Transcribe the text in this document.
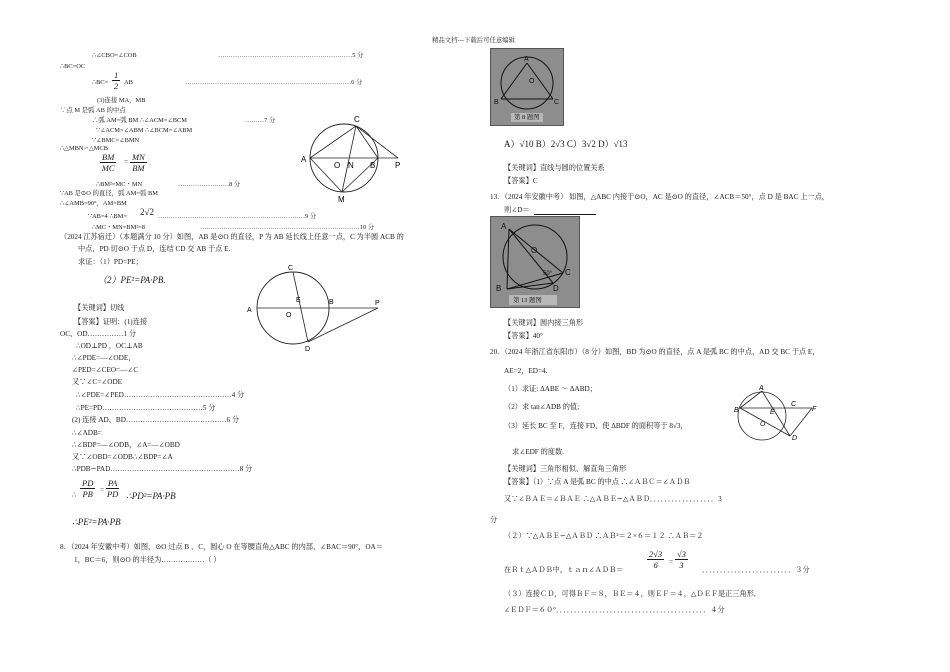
精品文档---下载后可任意编辑
∴∠CBO=∠COB	………………………………………………………5 分
∴BC=OC
∴BC= $\frac{1}{2}$ AB	……………………………………………………………………6 分
(3)连接 MA，MB
∵点 M 是弧 AB 的中点
∴弧 AM=弧 BM ∴∠ACM=∠BCM	………7 分
∵∠ACM=∠ABM ∴∠BCM=∠ABM
∵∠BMC=∠BMN
∴△MBN∽△MCB
$\frac{BM}{MC} = \frac{MN}{BM}$
∴BM²=MC・MN	……………………8 分
∵AB 是⊙O 的直径，弧 AM=弧 BM
∴∠AMB=90°，AM=BM
∵AB=4 ∴BM= 2√2 ……………………………………………………………9 分
∴MC・MN=BM²=8	…………………………………………………………………10 分
A
O N B P
C
M
（2024 江苏宿迁）（本题满分 10 分）如图，AB 是⊙O 的直径，P 为 AB 延长线上任意一点，C 为半圆 ACB 的
中点，PD 切⊙O 于点 D，连结 CD 交 AB 于点 E.
求证：（1）PD=PE；
（2）PE²=PA·PB.
A
O
E	B	P
C
D
【关键词】切线
【答案】证明：(1)连接
OC、OD……………1 分
∴OD⊥PD ，OC⊥AB
∴∠PDE=—∠ODE，
∠PED=∠CEO=—∠C
又∵∠C=∠ODE
∴∠PDE=∠PED………………………………………4 分
∴PE=PD……………………………………5 分
(2) 连接 AD、BD……………………………………6 分
∴∠ADB=
∴∠BDP=—∠ODB，∠A=—∠OBD
又∵∠OBD=∠ODB∴∠BDP=∠A
∴PDB∽PAD………………………………………………8 分
∴ $\frac{PD}{PB} = \frac{PA}{PD}$ ∴PD²=PA·PB
∴PE²=PA·PB
8. （2024 年安徽中考）如图，⊙O 过点 B 、C，圆心 O 在等腰直角△ABC 的内部，∠BAC＝90°，OA＝
1，BC＝6，则⊙O 的半径为………………（ ）
A
O
B	C
第 8 题图
A）√10 B）2√3 C）3√2 D）√13
【关键词】直线与圆的位置关系
【答案】C
13. （2024 年安徽中考） 如图，△ABC 内接于⊙O，AC 是⊙O 的直径，∠ACB＝50°，点 D 是 BAC 上一点，
则∠D＝
A
O
C
B	D
50°
第 13 题图
【关键词】圆内接三角形
【答案】40°
20. （2024 年浙江省东阳市）（8 分）如图，BD 为⊙O 的直径，点 A 是弧 BC 的中点，AD 交 BC 于点 E，
AE=2，ED=4.
（1）求证: ΔABE ～ ΔABD；
（2）求 tan∠ADB 的值;
（3）延长 BC 至 F，连接 FD，使 ΔBDF 的面积等于 8√3，
求∠EDF 的度数.
A
B	E
C
F
O
D
【关键词】三角形相似、解直角三角形
【答案】（1）∵点 A 是弧 BC 的中点 ∴∠ＡＢＣ＝∠ＡＤＢ
又∵∠ＢＡＥ＝∠ＢＡＥ ∴△ＡＢＥ∽△ＡＢＤ．．．．．．．．．．．．．．．．．．3
分
（２）∵△ＡＢＥ∽△ＡＢＤ ∴ＡＢ²＝２×６＝１２ ∴ＡＢ＝２
在Ｒｔ△ＡＤＢ中，ｔａｎ∠ＡＤＢ＝	$\frac{2√3}{6} = \frac{√3}{3}$ ．．．．．．．．．．．．．．．．．．．．．．．．．３分
（３）连接ＣＤ，可得ＢＦ＝８，ＢＥ＝４，则ＥＦ＝４，△ＤＥＦ是正三角形,
∠ＥＤＦ＝６０°．．．．．．．．．．．．．．．．．．．．．．．．．．．．．．．．．．．．．．．．．．４分
